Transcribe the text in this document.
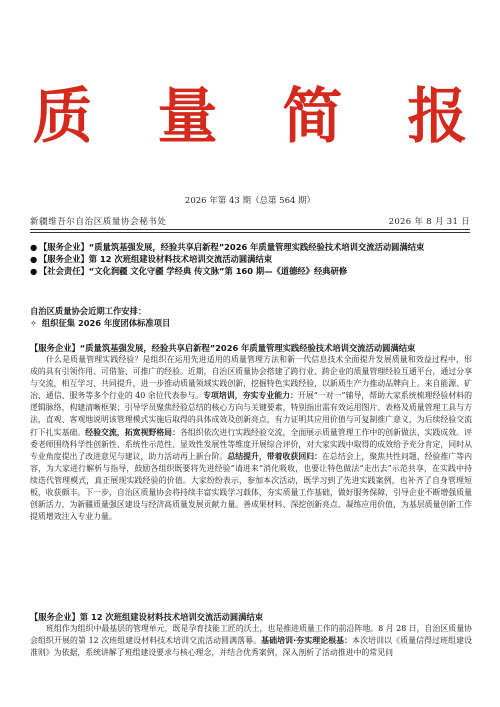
质 量 简 报
2026 年第 43 期（总第 564 期）
新疆维吾尔自治区质量协会秘书处	2026 年 8 月 31 日
● 【服务企业】“质量筑基强发展，经验共享启新程”2026 年质量管理实践经验技术培训交流活动圆满结束
● 【服务企业】第 12 次班组建设材料技术培训交流活动圆满结束
● 【社会责任】“文化润疆 文化守疆 学经典 传文脉”第 160 期—《道德经》经典研修
自治区质量协会近期工作安排：
✧ 组织征集 2026 年度团体标准项目
【服务企业】“质量筑基强发展，经验共享启新程”2026 年质量管理实践经验技术培训交流活动圆满结束
什么是质量管理实践经验？是组织在运用先进适用的质量管理方法和新一代信息技术全面提升发展质量和效益过程中，形成的具有引领作用、可借鉴、可推广的经验。近期，自治区质量协会搭建了跨行业、跨企业的质量管理经验互通平台，通过分享与交流，相互学习、共同提升，进一步推动质量领域实践创新，挖掘特色实践经验，以新质生产力推动品牌向上。来自能源、矿冶、通信、服务等多个行业的 40 余位代表参与。专项培训，夯实专业能力：开展“一对一”辅导，帮助大家系统梳理经验材料的逻辑脉络，构建清晰框架；引导学员聚焦经验总结的核心方向与关键要素，特别指出需有效运用图片、表格及质量管理工具与方法，直观、客观地说明该管理模式实施后取得的具体成效及创新亮点，有力证明其应用价值与可复制推广意义，为后续经验交流打下扎实基础。经验交流，拓宽视野格局：各组织依次进行实践经验交流，全面展示质量管理工作中的创新做法、实践成效。评委老师围绕科学性创新性、系统性示范性、显效性发展性等维度开展综合评价，对大家实践中取得的成效给予充分肯定，同时从专业角度提出了改进意见与建议，助力活动再上新台阶。总结提升，带着收获回归：在总结会上，聚焦共性问题、经验推广等内容，为大家进行解析与指导，鼓励各组织既要将先进经验“请进来”消化吸收，也要让特色做法“走出去”示范共享，在实践中持续迭代管理模式，真正展现实践经验的价值。大家纷纷表示，参加本次活动，既学习到了先进实践案例，也补齐了自身管理短板，收获颇丰。下一步，自治区质量协会将持续丰富实践学习载体，夯实质量工作基础，做好服务保障，引导企业不断增强质量创新活力，为新疆质量强区建设与经济高质量发展贡献力量。善成果材料、深挖创新亮点、凝练应用价值，为基层质量创新工作提质增效注入专业力量。
【服务企业】第 12 次班组建设材料技术培训交流活动圆满结束
班组作为组织中最基层的管理单元，既是孕育技能工匠的沃土，也是推进质量工作的前沿阵地。8 月 28 日，自治区质量协会组织开展的第 12 次班组建设材料技术培训交流活动圆满落幕。基础培训·夯实理论根基：本次培训以《质量信得过班组建设准则》为依据，系统讲解了班组建设要求与核心理念，并结合优秀案例，深入剖析了活动推进中的常见问
